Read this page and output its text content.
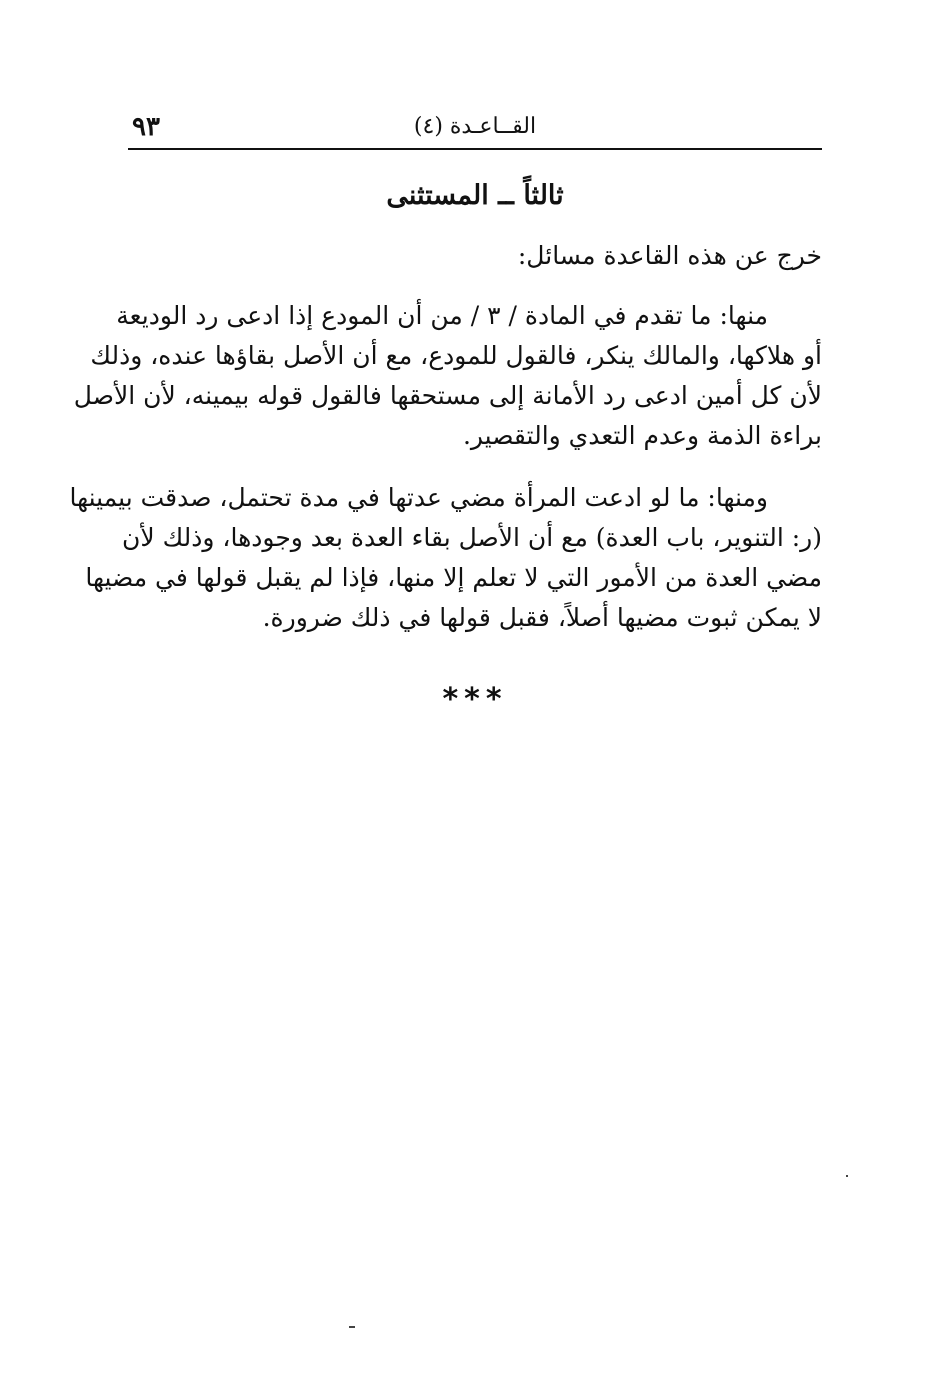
٩٣	القــاعـدة (٤)
ثالثاً ــ المستثنى
خرج عن هذه القاعدة مسائل:
منها: ما تقدم في المادة / ٣ / من أن المودع إذا ادعى رد الوديعة
أو هلاكها، والمالك ينكر، فالقول للمودع، مع أن الأصل بقاؤها عنده، وذلك
لأن كل أمين ادعى رد الأمانة إلى مستحقها فالقول قوله بيمينه، لأن الأصل
براءة الذمة وعدم التعدي والتقصير.
ومنها: ما لو ادعت المرأة مضي عدتها في مدة تحتمل، صدقت بيمينها
(ر: التنوير، باب العدة) مع أن الأصل بقاء العدة بعد وجودها، وذلك لأن
مضي العدة من الأمور التي لا تعلم إلا منها، فإذا لم يقبل قولها في مضيها
لا يمكن ثبوت مضيها أصلاً، فقبل قولها في ذلك ضرورة.
***
